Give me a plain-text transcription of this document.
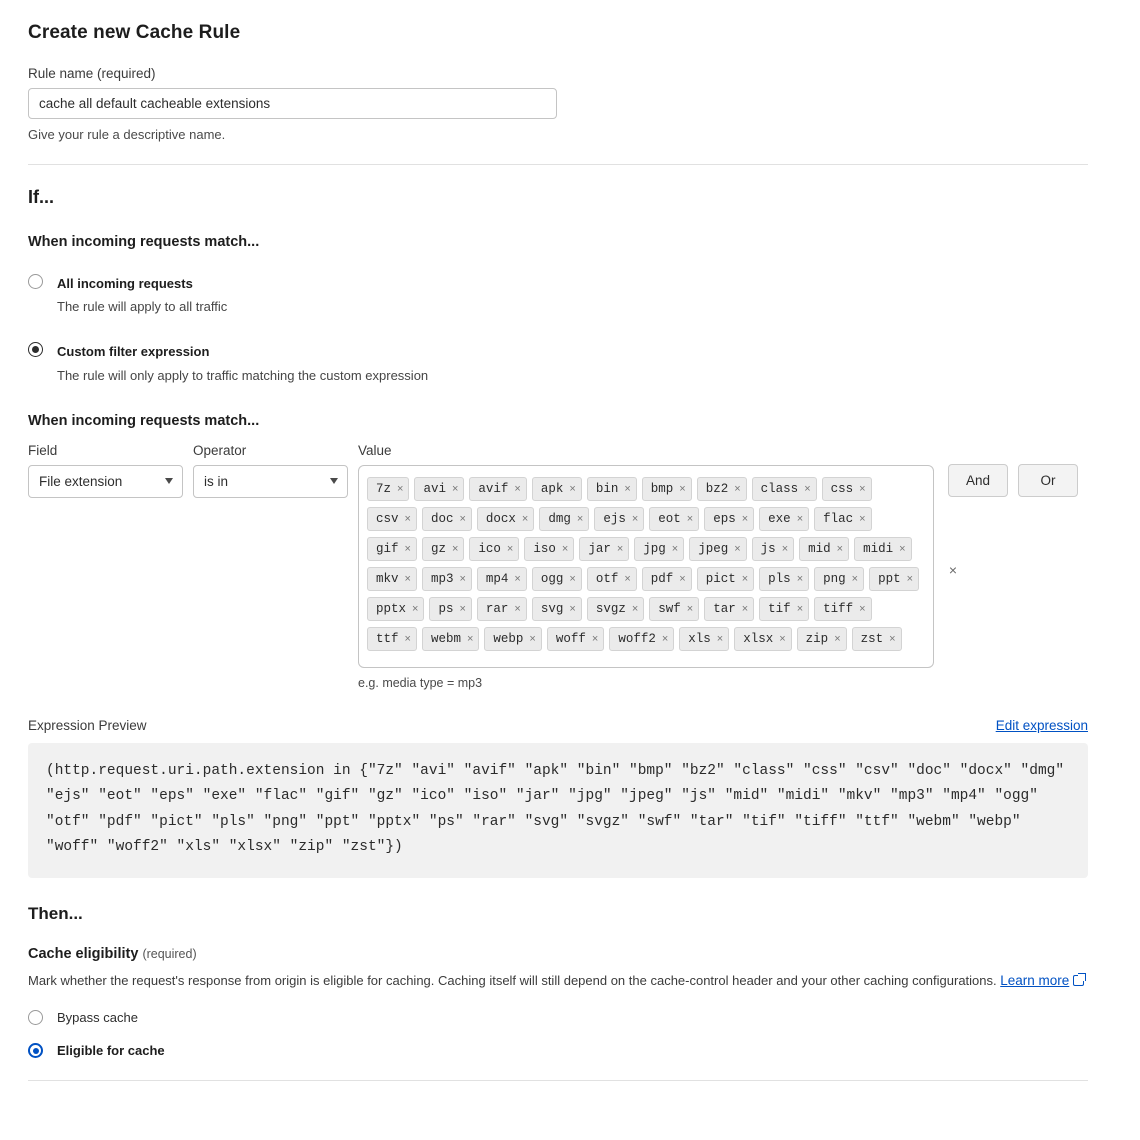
Create new Cache Rule
Rule name (required)
cache all default cacheable extensions
Give your rule a descriptive name.
If...
When incoming requests match...
All incoming requests
The rule will apply to all traffic
Custom filter expression
The rule will only apply to traffic matching the custom expression
When incoming requests match...
Field
File extension
Operator
is in
Value
7z × avi × avif × apk × bin × bmp × bz2 × class × css ×
csv × doc × docx × dmg × ejs × eot × eps × exe × flac ×
gif × gz × ico × iso × jar × jpg × jpeg × js × mid × midi ×
mkv × mp3 × mp4 × ogg × otf × pdf × pict × pls × png × ppt ×
pptx × ps × rar × svg × svgz × swf × tar × tif × tiff ×
ttf × webm × webp × woff × woff2 × xls × xlsx × zip × zst ×
×
e.g. media type = mp3
And	Or
Expression Preview	Edit expression
(http.request.uri.path.extension in {"7z" "avi" "avif" "apk" "bin" "bmp" "bz2" "class" "css" "csv" "doc" "docx" "dmg" "ejs" "eot" "eps" "exe" "flac" "gif" "gz" "ico" "iso" "jar" "jpg" "jpeg" "js" "mid" "midi" "mkv" "mp3" "mp4" "ogg" "otf" "pdf" "pict" "pls" "png" "ppt" "pptx" "ps" "rar" "svg" "svgz" "swf" "tar" "tif" "tiff" "ttf" "webm" "webp" "woff" "woff2" "xls" "xlsx" "zip" "zst"})
Then...
Cache eligibility (required)
Mark whether the request's response from origin is eligible for caching. Caching itself will still depend on the cache-control header and your other caching configurations. Learn more
Bypass cache
Eligible for cache
